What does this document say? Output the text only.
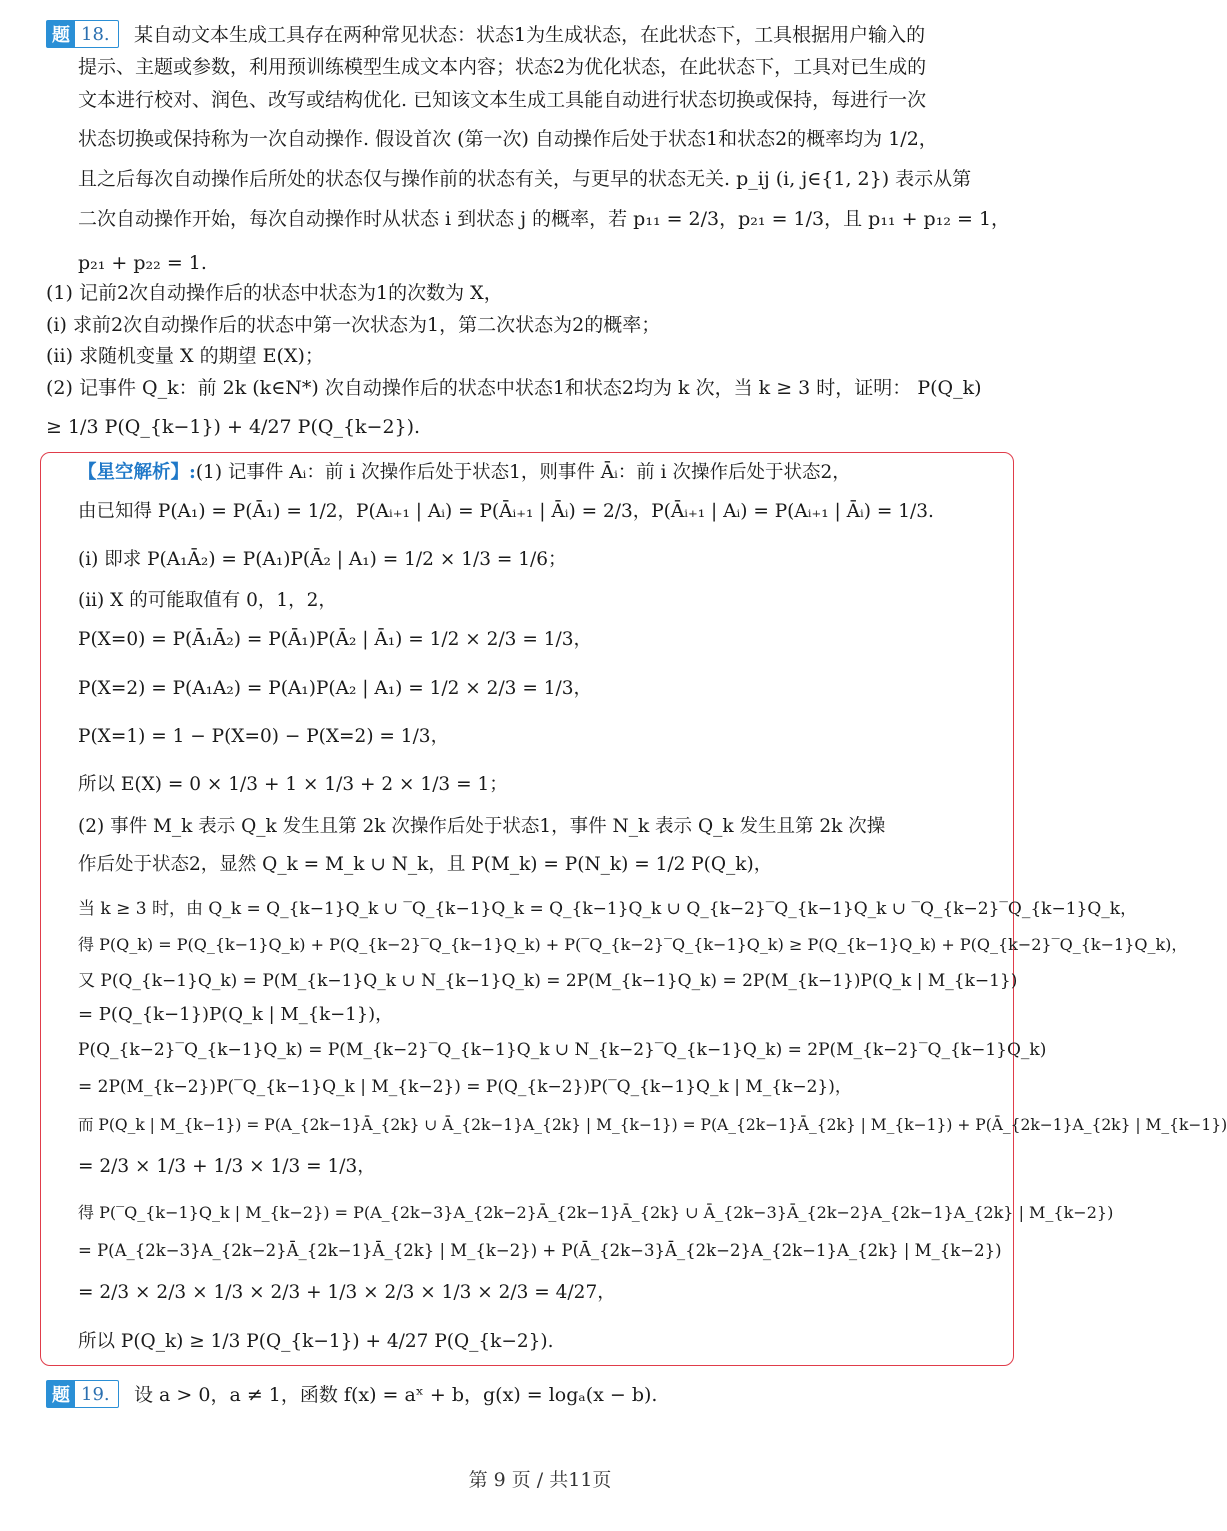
题 18.	某自动文本生成工具存在两种常见状态：状态1为生成状态，在此状态下，工具根据用户输入的
提示、主题或参数，利用预训练模型生成文本内容；状态2为优化状态，在此状态下，工具对已生成的
文本进行校对、润色、改写或结构优化. 已知该文本生成工具能自动进行状态切换或保持，每进行一次
状态切换或保持称为一次自动操作. 假设首次 (第一次) 自动操作后处于状态1和状态2的概率均为 1/2，
且之后每次自动操作后所处的状态仅与操作前的状态有关，与更早的状态无关. p_ij (i, j∈{1, 2}) 表示从第
二次自动操作开始，每次自动操作时从状态 i 到状态 j 的概率，若 p₁₁ = 2/3，p₂₁ = 1/3，且 p₁₁ + p₁₂ = 1，
p₂₁ + p₂₂ = 1.
(1) 记前2次自动操作后的状态中状态为1的次数为 X，
(i) 求前2次自动操作后的状态中第一次状态为1，第二次状态为2的概率；
(ii) 求随机变量 X 的期望 E(X)；
(2) 记事件 Q_k：前 2k (k∈N*) 次自动操作后的状态中状态1和状态2均为 k 次，当 k ≥ 3 时，证明： P(Q_k)
≥ 1/3 P(Q_{k−1}) + 4/27 P(Q_{k−2}).
【星空解析】:(1) 记事件 Aᵢ：前 i 次操作后处于状态1，则事件 Āᵢ：前 i 次操作后处于状态2，
由已知得 P(A₁) = P(Ā₁) = 1/2，P(Aᵢ₊₁ | Aᵢ) = P(Āᵢ₊₁ | Āᵢ) = 2/3，P(Āᵢ₊₁ | Aᵢ) = P(Aᵢ₊₁ | Āᵢ) = 1/3.
(i) 即求 P(A₁Ā₂) = P(A₁)P(Ā₂ | A₁) = 1/2 × 1/3 = 1/6；
(ii) X 的可能取值有 0，1，2，
P(X=0) = P(Ā₁Ā₂) = P(Ā₁)P(Ā₂ | Ā₁) = 1/2 × 2/3 = 1/3，
P(X=2) = P(A₁A₂) = P(A₁)P(A₂ | A₁) = 1/2 × 2/3 = 1/3，
P(X=1) = 1 − P(X=0) − P(X=2) = 1/3，
所以 E(X) = 0 × 1/3 + 1 × 1/3 + 2 × 1/3 = 1；
(2) 事件 M_k 表示 Q_k 发生且第 2k 次操作后处于状态1，事件 N_k 表示 Q_k 发生且第 2k 次操
作后处于状态2，显然 Q_k = M_k ∪ N_k，且 P(M_k) = P(N_k) = 1/2 P(Q_k)，
当 k ≥ 3 时，由 Q_k = Q_{k−1}Q_k ∪ ‾Q_{k−1}Q_k = Q_{k−1}Q_k ∪ Q_{k−2}‾Q_{k−1}Q_k ∪ ‾Q_{k−2}‾Q_{k−1}Q_k，
得 P(Q_k) = P(Q_{k−1}Q_k) + P(Q_{k−2}‾Q_{k−1}Q_k) + P(‾Q_{k−2}‾Q_{k−1}Q_k) ≥ P(Q_{k−1}Q_k) + P(Q_{k−2}‾Q_{k−1}Q_k)，
又 P(Q_{k−1}Q_k) = P(M_{k−1}Q_k ∪ N_{k−1}Q_k) = 2P(M_{k−1}Q_k) = 2P(M_{k−1})P(Q_k | M_{k−1})
= P(Q_{k−1})P(Q_k | M_{k−1})，
P(Q_{k−2}‾Q_{k−1}Q_k) = P(M_{k−2}‾Q_{k−1}Q_k ∪ N_{k−2}‾Q_{k−1}Q_k) = 2P(M_{k−2}‾Q_{k−1}Q_k)
= 2P(M_{k−2})P(‾Q_{k−1}Q_k | M_{k−2}) = P(Q_{k−2})P(‾Q_{k−1}Q_k | M_{k−2})，
而 P(Q_k | M_{k−1}) = P(A_{2k−1}Ā_{2k} ∪ Ā_{2k−1}A_{2k} | M_{k−1}) = P(A_{2k−1}Ā_{2k} | M_{k−1}) + P(Ā_{2k−1}A_{2k} | M_{k−1})
= 2/3 × 1/3 + 1/3 × 1/3 = 1/3，
得 P(‾Q_{k−1}Q_k | M_{k−2}) = P(A_{2k−3}A_{2k−2}Ā_{2k−1}Ā_{2k} ∪ Ā_{2k−3}Ā_{2k−2}A_{2k−1}A_{2k} | M_{k−2})
= P(A_{2k−3}A_{2k−2}Ā_{2k−1}Ā_{2k} | M_{k−2}) + P(Ā_{2k−3}Ā_{2k−2}A_{2k−1}A_{2k} | M_{k−2})
= 2/3 × 2/3 × 1/3 × 2/3 + 1/3 × 2/3 × 1/3 × 2/3 = 4/27，
所以 P(Q_k) ≥ 1/3 P(Q_{k−1}) + 4/27 P(Q_{k−2}).
题 19.	设 a > 0，a ≠ 1，函数 f(x) = aˣ + b，g(x) = logₐ(x − b).
第 9 页 / 共11页
